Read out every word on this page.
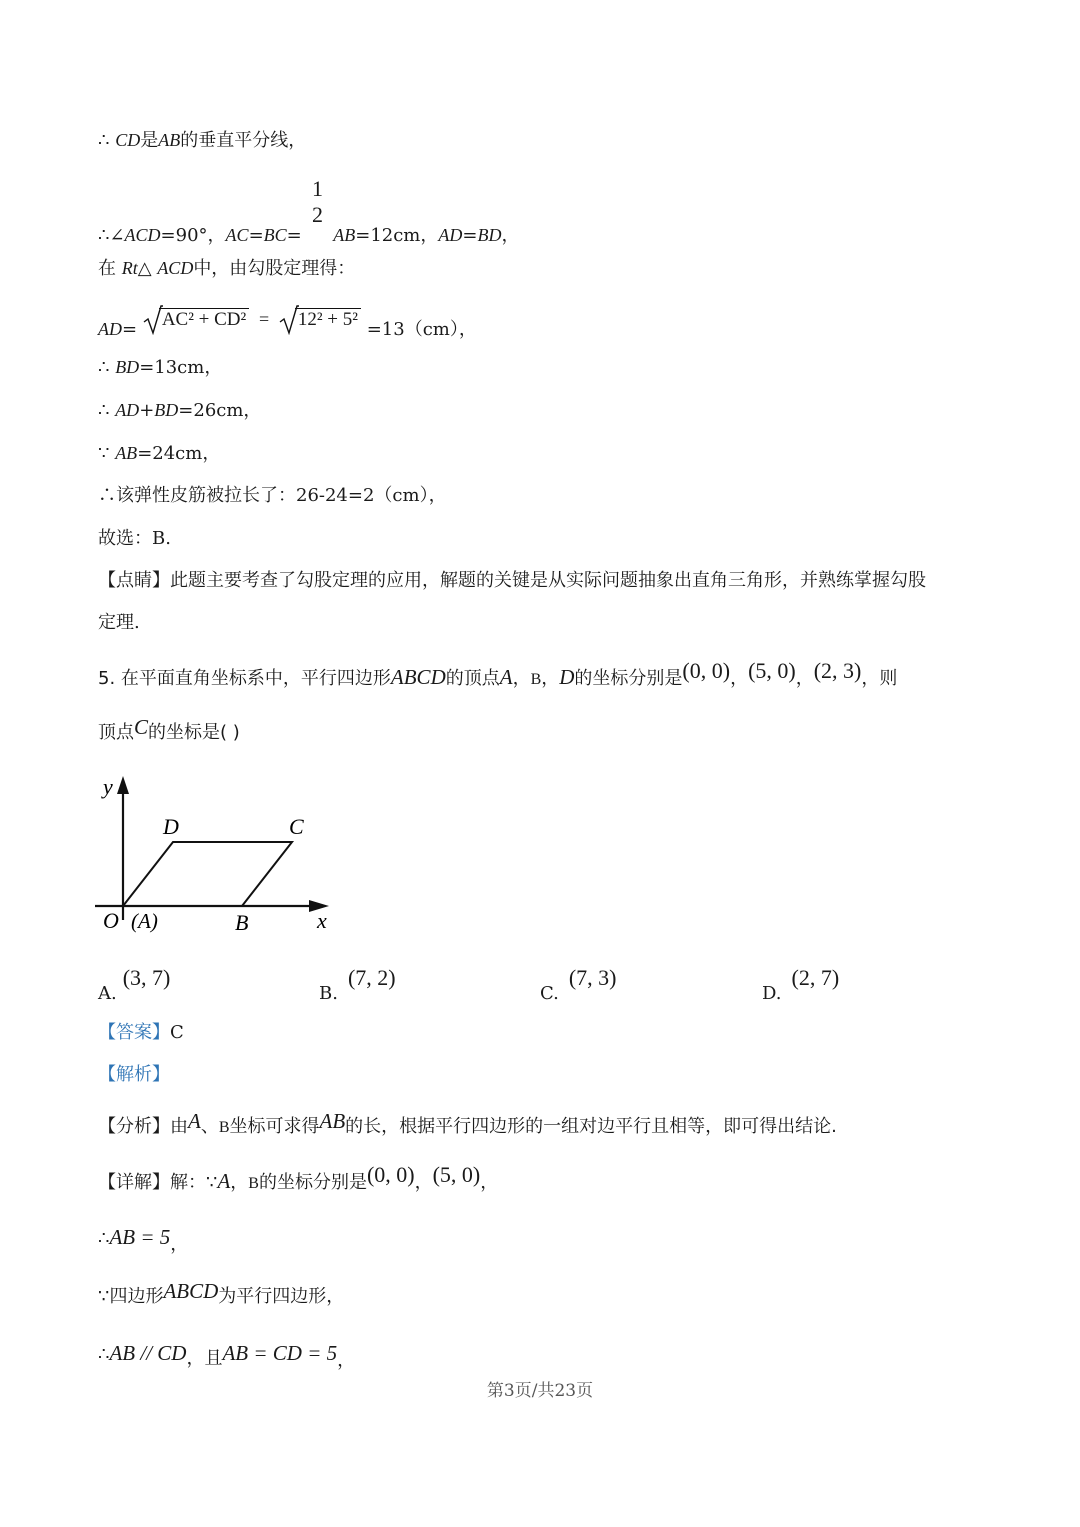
∴ CD是AB的垂直平分线，
∴∠ACD=90°，AC=BC=
1
2
AB=12cm，AD=BD，
在 Rt△ ACD中，由勾股定理得：
AD= AC² + CD² = 12² + 5² =13（cm），
∴ BD=13cm，
∴ AD+BD=26cm，
∵ AB=24cm，
∴该弹性皮筋被拉长了：26-24=2（cm），
故选：B.
【点睛】此题主要考查了勾股定理的应用，解题的关键是从实际问题抽象出直角三角形，并熟练掌握勾股
定理.
5. 在平面直角坐标系中，平行四边形ABCD的顶点A，B，D的坐标分别是(0, 0)，(5, 0)，(2, 3)，则
顶点C的坐标是( )
y
x
O (A)	B
C
D
A.(3, 7)
B.(7, 2)
C.(7, 3)
D.(2, 7)
【答案】C
【解析】
【分析】由A、B坐标可求得AB的长，根据平行四边形的一组对边平行且相等，即可得出结论.
【详解】解：∵A，B的坐标分别是(0, 0)，(5, 0)，
∴AB = 5，
∵四边形ABCD为平行四边形，
∴AB // CD，且AB = CD = 5，
第3页/共23页
